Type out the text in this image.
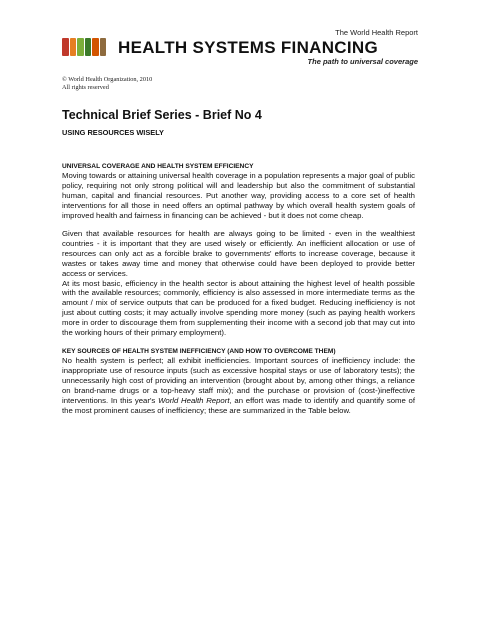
The World Health Report
HEALTH SYSTEMS FINANCING
The path to universal coverage
© World Health Organization, 2010
All rights reserved
Technical Brief Series - Brief No 4
USING RESOURCES WISELY

UNIVERSAL COVERAGE AND HEALTH SYSTEM EFFICIENCY

Moving towards or attaining universal health coverage in a population represents a major goal of public policy, requiring not only strong political will and leadership but also the commitment of substantial human, capital and financial resources. Put another way, providing access to a core set of health interventions for all those in need offers an optimal pathway by which overall health system goals of improved health and fairness in financing can be achieved - but it does not come cheap.

Given that available resources for health are always going to be limited - even in the wealthiest countries - it is important that they are used wisely or efficiently. An inefficient allocation or use of resources can only act as a forcible brake to governments' efforts to increase coverage, because it wastes or takes away time and money that otherwise could have been deployed to provide better access or services.

At its most basic, efficiency in the health sector is about attaining the highest level of health possible with the available resources; commonly, efficiency is also assessed in more intermediate terms as the amount / mix of service outputs that can be produced for a fixed budget. Reducing inefficiency is not just about cutting costs; it may actually involve spending more money (such as paying health workers more in order to discourage them from supplementing their income with a second job that may cut into the working hours of their primary employment).

KEY SOURCES OF HEALTH SYSTEM INEFFICIENCY (AND HOW TO OVERCOME THEM)

No health system is perfect; all exhibit inefficiencies. Important sources of inefficiency include: the inappropriate use of resource inputs (such as excessive hospital stays or use of laboratory tests); the unnecessarily high cost of providing an intervention (brought about by, among other things, a reliance on brand-name drugs or a top-heavy staff mix); and the purchase or provision of (cost-)ineffective interventions. In this year's World Health Report, an effort was made to identify and quantify some of the most prominent causes of inefficiency; these are summarized in the Table below.
